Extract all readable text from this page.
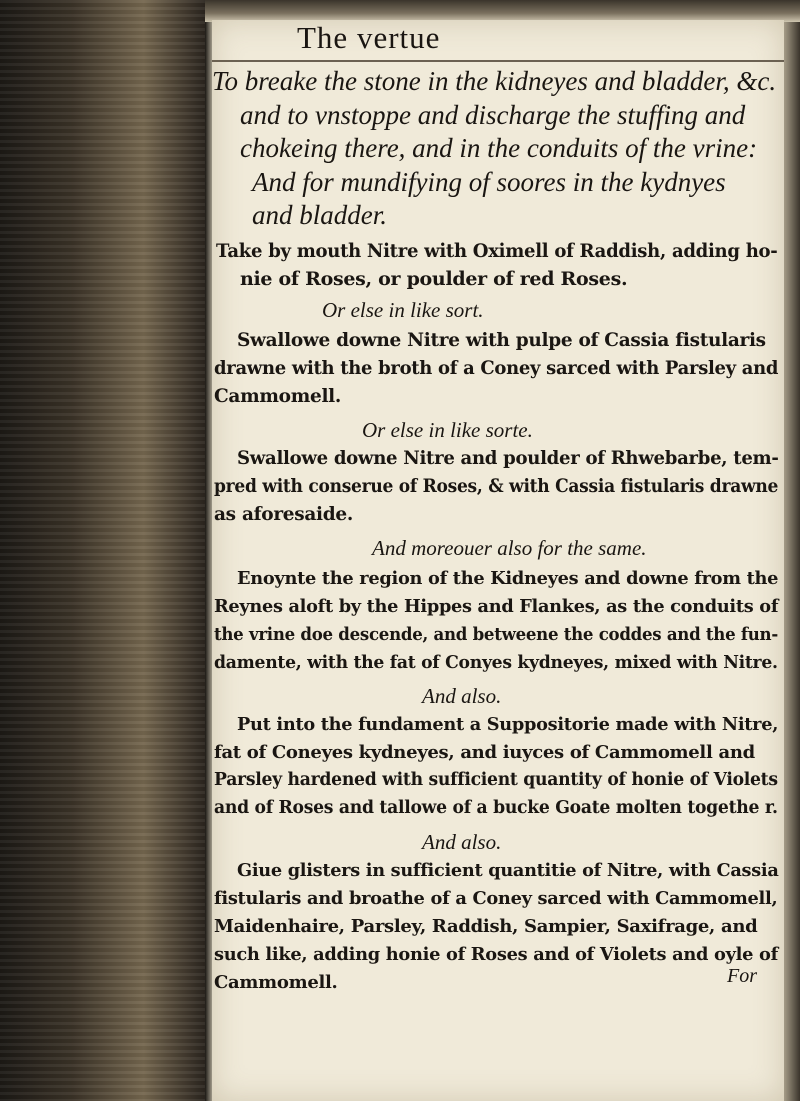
The vertue
To breake the stone in the kidneyes and bladder, &c.
and to vnstoppe and discharge the stuffing and
chokeing there, and in the conduits of the vrine:
And for mundifying of soores in the kydnyes
and bladder.
Take by mouth Nitre with Oximell of Raddish, adding ho-
nie of Roses, or poulder of red Roses.
Or else in like sort.
Swallowe downe Nitre with pulpe of Cassia fistularis
drawne with the broth of a Coney sarced with Parsley and
Cammomell.
Or else in like sorte.
Swallowe downe Nitre and poulder of Rhwebarbe, tem-
pred with conserue of Roses, & with Cassia fistularis drawne
as aforesaide.
And moreouer also for the same.
Enoynte the region of the Kidneyes and downe from the
Reynes aloft by the Hippes and Flankes, as the conduits of
the vrine doe descende, and betweene the coddes and the fun-
damente, with the fat of Conyes kydneyes, mixed with Nitre.
And also.
Put into the fundament a Suppositorie made with Nitre,
fat of Coneyes kydneyes, and iuyces of Cammomell and
Parsley hardened with sufficient quantity of honie of Violets
and of Roses and tallowe of a bucke Goate molten togethe r.
And also.
Giue glisters in sufficient quantitie of Nitre, with Cassia
fistularis and broathe of a Coney sarced with Cammomell,
Maidenhaire, Parsley, Raddish, Sampier, Saxifrage, and
such like, adding honie of Roses and of Violets and oyle of
Cammomell.	For
